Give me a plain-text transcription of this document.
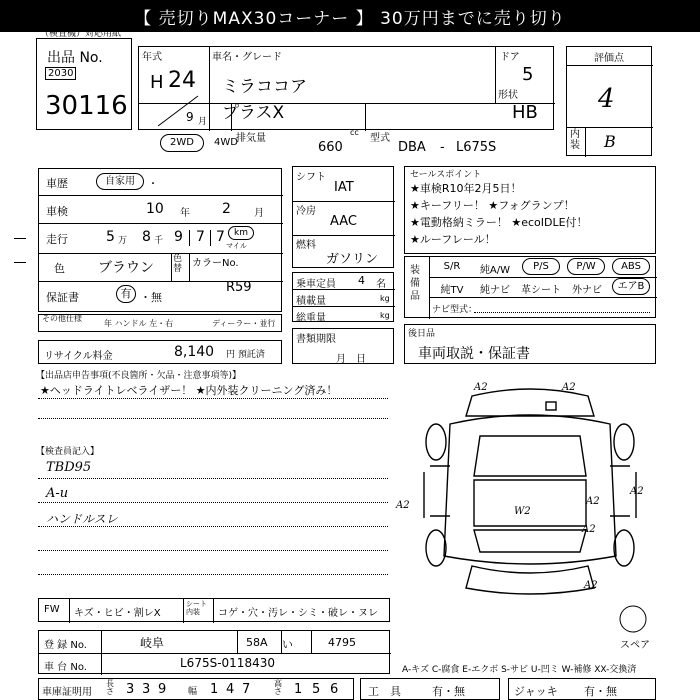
【 売切りMAX30コーナー 】 30万円までに売り切り
（検査機）対応用紙
出品 No.
2030
30116
年式
H 24
9 月
車名・グレード
ミラココア
プラスX
ドア
5
形状
HB
2WD	4WD
排気量
cc
660
型式
DBA - L675S
評価点
4
内装 B
車歴	自家用	・
車検	10 年 2 月
走行	5 万 8 千 9 7 7	km
マイル
色 ブラウン
色替 カラーNo.
R59
保証書	有 ・無
その他仕様
年 ハンドル 左・右	ディーラー・並行
リサイクル料金	8,140 円 預託済
シフト
IAT
冷房
AAC
燃料
ガソリン
乗車定員 4 名
積載量	kg
総重量	kg
書類期限
月　日
セールスポイント
★車検R10年2月5日！
★キーフリー！ ★フォグランプ！
★電動格納ミラー！ ★ecoIDLE付！
★ルーフレール！
装備品
S/R	純A/W	P/S	P/W	ABS
純TV	純ナビ	革シート	外ナビ	エアB
ナビ型式：
後日品
車両取説・保証書
【出品店申告事項(不良箇所・欠品・注意事項等)】
★ヘッドライトレベライザー！ ★内外装クリーニング済み！
【検査員記入】
TBD95
A-u
ハンドルスレ
A2	A2
A2
W2
A2
A2
A2
A2
スペア
FW キズ・ヒビ・割レX
シート内装	コゲ・穴・汚レ・シミ・破レ・ヌレ
登 録 No.	岐阜	58A い	4795
車 台 No.	L675S-0118430	A-キズ C-腐食 E-エクボ S-サビ U-凹ミ W-補修 XX-交換済
車庫証明用
長さ 3 3 9 幅 1 4 7	高さ 1 5 6	工　具	有・無	ジャッキ 有・無
